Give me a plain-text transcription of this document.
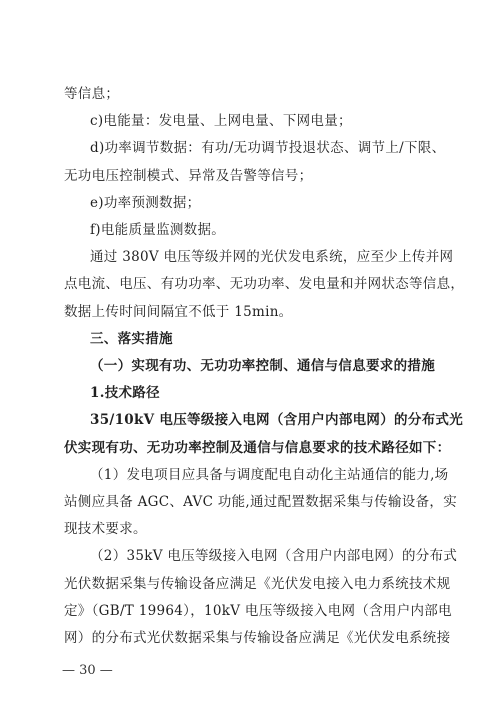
等信息；
c)电能量：发电量、上网电量、下网电量；
d)功率调节数据：有功/无功调节投退状态、调节上/下限、
无功电压控制模式、异常及告警等信号；
e)功率预测数据；
f)电能质量监测数据。
通过 380V 电压等级并网的光伏发电系统，应至少上传并网
点电流、电压、有功功率、无功功率、发电量和并网状态等信息，
数据上传时间间隔宜不低于 15min。
三、落实措施
（一）实现有功、无功功率控制、通信与信息要求的措施
1.技术路径
35/10kV 电压等级接入电网（含用户内部电网）的分布式光
伏实现有功、无功功率控制及通信与信息要求的技术路径如下：
（1）发电项目应具备与调度配电自动化主站通信的能力,场
站侧应具备 AGC、AVC 功能,通过配置数据采集与传输设备，实
现技术要求。
（2）35kV 电压等级接入电网（含用户内部电网）的分布式
光伏数据采集与传输设备应满足《光伏发电接入电力系统技术规
定》（GB/T 19964），10kV 电压等级接入电网（含用户内部电
网）的分布式光伏数据采集与传输设备应满足《光伏发电系统接
— 30 —
